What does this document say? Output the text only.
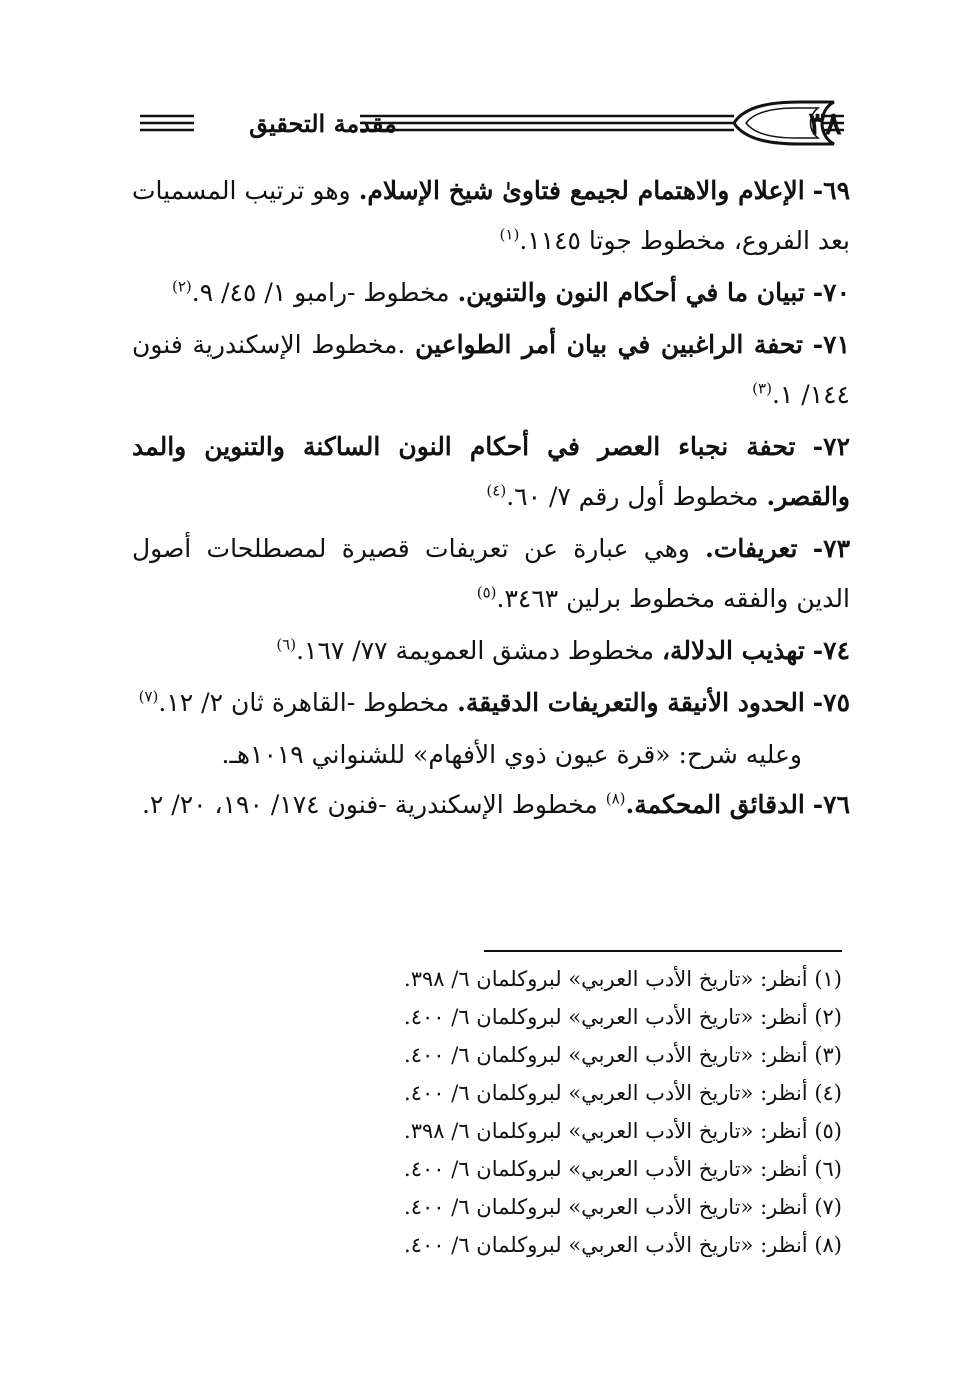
٣٨
مقدمة التحقيق

٦٩- الإعلام والاهتمام لجيمع فتاوىٰ شيخ الإسلام. وهو ترتيب المسميات بعد الفروع، مخطوط جوتا ١١٤٥.$^{(١)}$

٧٠- تبيان ما في أحكام النون والتنوين. مخطوط -رامبو ١/ ٤٥/ ٩.$^{(٢)}$

٧١- تحفة الراغبين في بيان أمر الطواعين .مخطوط الإسكندرية فنون ١٤٤/ ١.$^{(٣)}$

٧٢- تحفة نجباء العصر في أحكام النون الساكنة والتنوين والمد والقصر. مخطوط أول رقم ٧/ ٦٠.$^{(٤)}$

٧٣- تعريفات. وهي عبارة عن تعريفات قصيرة لمصطلحات أصول الدين والفقه مخطوط برلين ٣٤٦٣.$^{(٥)}$

٧٤- تهذيب الدلالة، مخطوط دمشق العمويمة ٧٧/ ١٦٧.$^{(٦)}$

٧٥- الحدود الأنيقة والتعريفات الدقيقة. مخطوط -القاهرة ثان ٢/ ١٢.$^{(٧)}$

وعليه شرح: «قرة عيون ذوي الأفهام» للشنواني ١٠١٩هـ.

٧٦- الدقائق المحكمة.$^{(٨)}$ مخطوط الإسكندرية -فنون ١٧٤/ ١٩٠، ٢٠/ ٢.

(١) أنظر: «تاريخ الأدب العربي» لبروكلمان ٦/ ٣٩٨.
(٢) أنظر: «تاريخ الأدب العربي» لبروكلمان ٦/ ٤٠٠.
(٣) أنظر: «تاريخ الأدب العربي» لبروكلمان ٦/ ٤٠٠.
(٤) أنظر: «تاريخ الأدب العربي» لبروكلمان ٦/ ٤٠٠.
(٥) أنظر: «تاريخ الأدب العربي» لبروكلمان ٦/ ٣٩٨.
(٦) أنظر: «تاريخ الأدب العربي» لبروكلمان ٦/ ٤٠٠.
(٧) أنظر: «تاريخ الأدب العربي» لبروكلمان ٦/ ٤٠٠.
(٨) أنظر: «تاريخ الأدب العربي» لبروكلمان ٦/ ٤٠٠.
